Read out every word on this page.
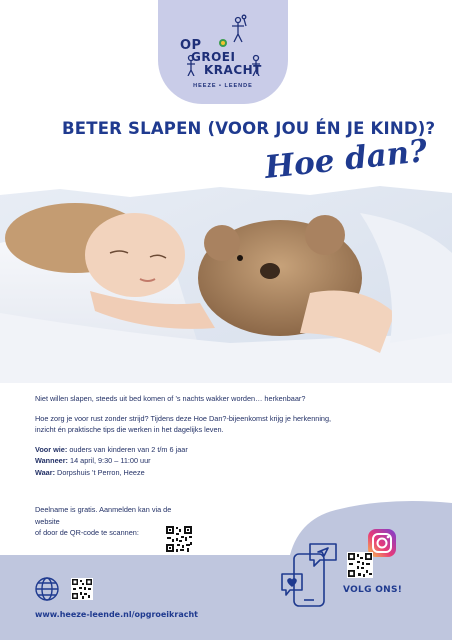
OP
GROEI
KRACHT
HEEZE • LEENDE
BETER SLAPEN (VOOR JOU ÉN JE KIND)?
Hoe dan?

Niet willen slapen, steeds uit bed komen of ’s nachts wakker worden… herkenbaar?

Hoe zorg je voor rust zonder strijd? Tijdens deze Hoe Dan?-bijeenkomst krijg je herkenning,
inzicht én praktische tips die werken in het dagelijks leven.

Voor wie: ouders van kinderen van 2 t/m 6 jaar
Wanneer: 14 april, 9:30 – 11:00 uur
Waar: Dorpshuis ’t Perron, Heeze

Deelname is gratis. Aanmelden kan via de website
of door de QR-code te scannen:
VOLG ONS!
www.heeze-leende.nl/opgroeikracht
